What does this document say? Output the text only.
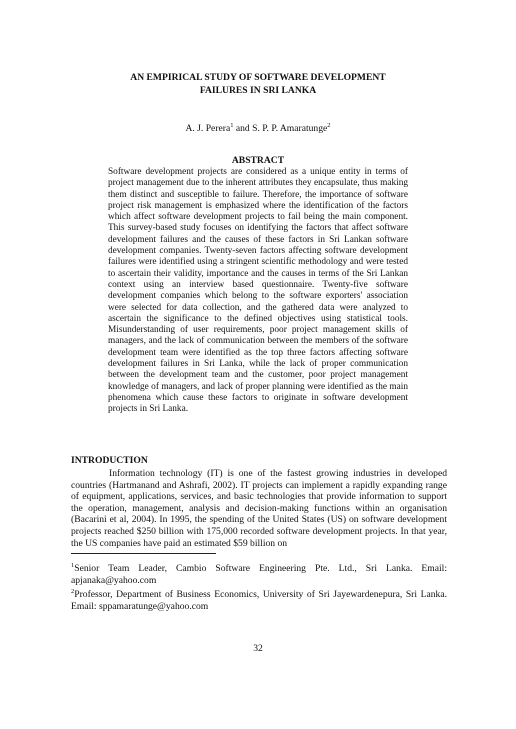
AN EMPIRICAL STUDY OF SOFTWARE DEVELOPMENT
FAILURES IN SRI LANKA
A. J. Perera$^1$ and S. P. P. Amaratunge$^2$
ABSTRACT
Software development projects are considered as a unique entity in terms of project management due to the inherent attributes they encapsulate, thus making them distinct and susceptible to failure. Therefore, the importance of software project risk management is emphasized where the identification of the factors which affect software development projects to fail being the main component. This survey-based study focuses on identifying the factors that affect software development failures and the causes of these factors in Sri Lankan software development companies. Twenty-seven factors affecting software development failures were identified using a stringent scientific methodology and were tested to ascertain their validity, importance and the causes in terms of the Sri Lankan context using an interview based questionnaire. Twenty-five software development companies which belong to the software exporters' association were selected for data collection, and the gathered data were analyzed to ascertain the significance to the defined objectives using statistical tools. Misunderstanding of user requirements, poor project management skills of managers, and the lack of communication between the members of the software development team were identified as the top three factors affecting software development failures in Sri Lanka, while the lack of proper communication between the development team and the customer, poor project management knowledge of managers, and lack of proper planning were identified as the main phenomena which cause these factors to originate in software development projects in Sri Lanka.
INTRODUCTION
Information technology (IT) is one of the fastest growing industries in developed countries (Hartmanand and Ashrafi, 2002). IT projects can implement a rapidly expanding range of equipment, applications, services, and basic technologies that provide information to support the operation, management, analysis and decision-making functions within an organisation (Bacarini et al, 2004). In 1995, the spending of the United States (US) on software development projects reached $250 billion with 175,000 recorded software development projects. In that year, the US companies have paid an estimated $59 billion on

$^1$Senior Team Leader, Cambio Software Engineering Pte. Ltd., Sri Lanka. Email: apjanaka@yahoo.com

$^2$Professor, Department of Business Economics, University of Sri Jayewardenepura, Sri Lanka. Email: sppamaratunge@yahoo.com

32
